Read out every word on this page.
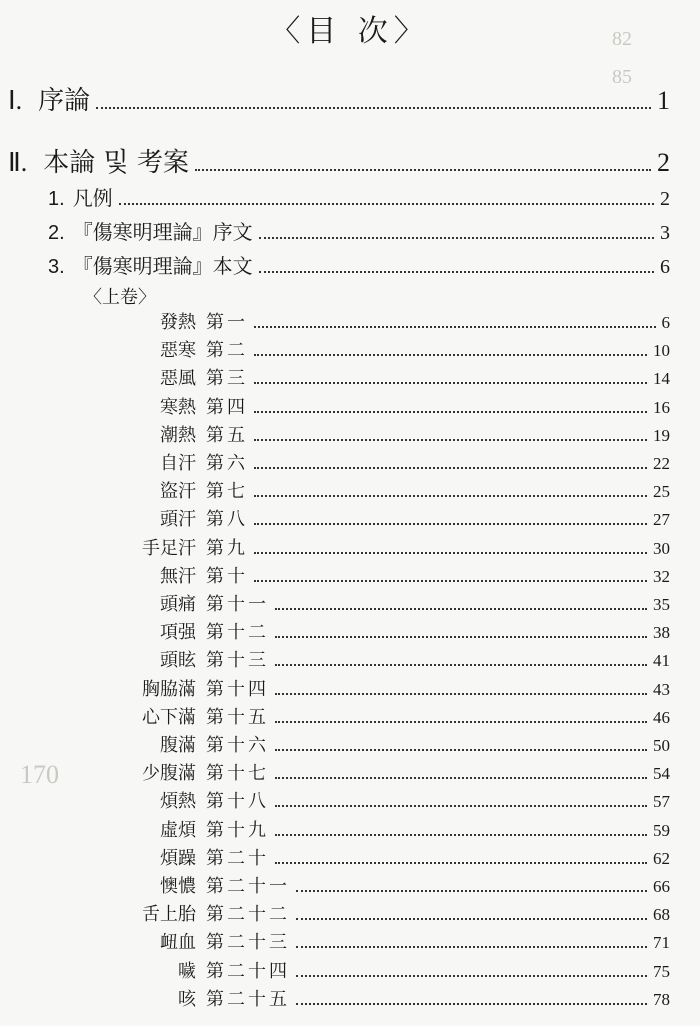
82
85
170
〈目 次〉
Ⅰ. 序論	1
Ⅱ. 本論 및 考案	2
1. 凡例	2
2. 『傷寒明理論』序文	3
3. 『傷寒明理論』本文	6
〈上卷〉
發熱 第一	6
惡寒 第二	10
惡風 第三	14
寒熱 第四	16
潮熱 第五	19
自汗 第六	22
盜汗 第七	25
頭汗 第八	27
手足汗 第九	30
無汗 第十	32
頭痛 第十一	35
項强 第十二	38
頭眩 第十三	41
胸脇滿 第十四	43
心下滿 第十五	46
腹滿 第十六	50
少腹滿 第十七	54
煩熱 第十八	57
虛煩 第十九	59
煩躁 第二十	62
懊憹 第二十一	66
舌上胎 第二十二	68
衄血 第二十三	71
噦 第二十四	75
咳 第二十五	78
